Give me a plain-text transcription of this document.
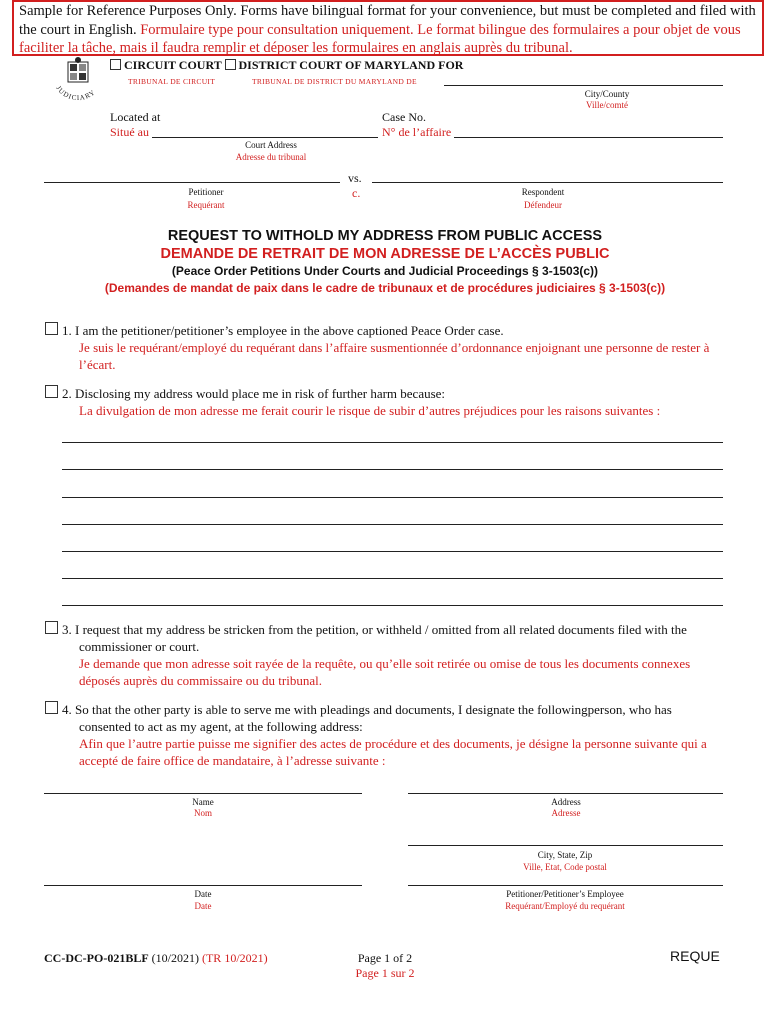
Sample for Reference Purposes Only. Forms have bilingual format for your convenience, but must be completed and filed with the court in English. Formulaire type pour consultation uniquement. Le format bilingue des formulaires a pour objet de vous faciliter la tâche, mais il faudra remplir et déposer les formulaires en anglais auprès du tribunal.
JUDICIARY
CIRCUIT COURT DISTRICT COURT OF MARYLAND FOR
TRIBUNAL DE CIRCUIT	TRIBUNAL DE DISTRICT DU MARYLAND DE
City/County
Ville/comté
Located at
Situé au
Case No.
N° de l’affaire
Court Address
Adresse du tribunal
vs.
c.
Petitioner
Requérant
Respondent
Défendeur
REQUEST TO WITHOLD MY ADDRESS FROM PUBLIC ACCESS
DEMANDE DE RETRAIT DE MON ADRESSE DE L’ACCÈS PUBLIC
(Peace Order Petitions Under Courts and Judicial Proceedings § 3-1503(c))
(Demandes de mandat de paix dans le cadre de tribunaux et de procédures judiciaires § 3-1503(c))
1. I am the petitioner/petitioner’s employee in the above captioned Peace Order case.
Je suis le requérant/employé du requérant dans l’affaire susmentionnée d’ordonnance enjoignant une personne de rester à l’écart.
2. Disclosing my address would place me in risk of further harm because:
La divulgation de mon adresse me ferait courir le risque de subir d’autres préjudices pour les raisons suivantes :
3. I request that my address be stricken from the petition, or withheld / omitted from all related documents filed with the commissioner or court.
Je demande que mon adresse soit rayée de la requête, ou qu’elle soit retirée ou omise de tous les documents connexes déposés auprès du commissaire ou du tribunal.
4. So that the other party is able to serve me with pleadings and documents, I designate the followingperson, who has consented to act as my agent, at the following address:
Afin que l’autre partie puisse me signifier des actes de procédure et des documents, je désigne la personne suivante qui a accepté de faire office de mandataire, à l’adresse suivante :
Name
Nom
Address
Adresse
City, State, Zip
Ville, Etat, Code postal
Date
Date
Petitioner/Petitioner’s Employee
Requérant/Employé du requérant
CC-DC-PO-021BLF (10/2021) (TR 10/2021)	Page 1 of 2
Page 1 sur 2
REQUE
